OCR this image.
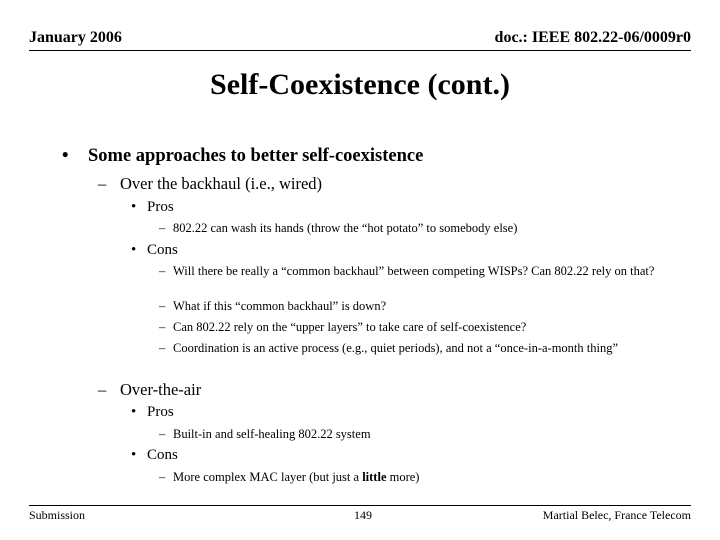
January 2006	doc.: IEEE 802.22-06/0009r0
Self-Coexistence (cont.)
• Some approaches to better self-coexistence
– Over the backhaul (i.e., wired)
• Pros
– 802.22 can wash its hands (throw the “hot potato” to somebody else)
• Cons
– Will there be really a “common backhaul” between competing WISPs? Can 802.22 rely on that?
– What if this “common backhaul” is down?
– Can 802.22 rely on the “upper layers” to take care of self-coexistence?
– Coordination is an active process (e.g., quiet periods), and not a “once-in-a-month thing”
– Over-the-air
• Pros
– Built-in and self-healing 802.22 system
• Cons
– More complex MAC layer (but just a little more)
Submission	149	Martial Belec, France Telecom
